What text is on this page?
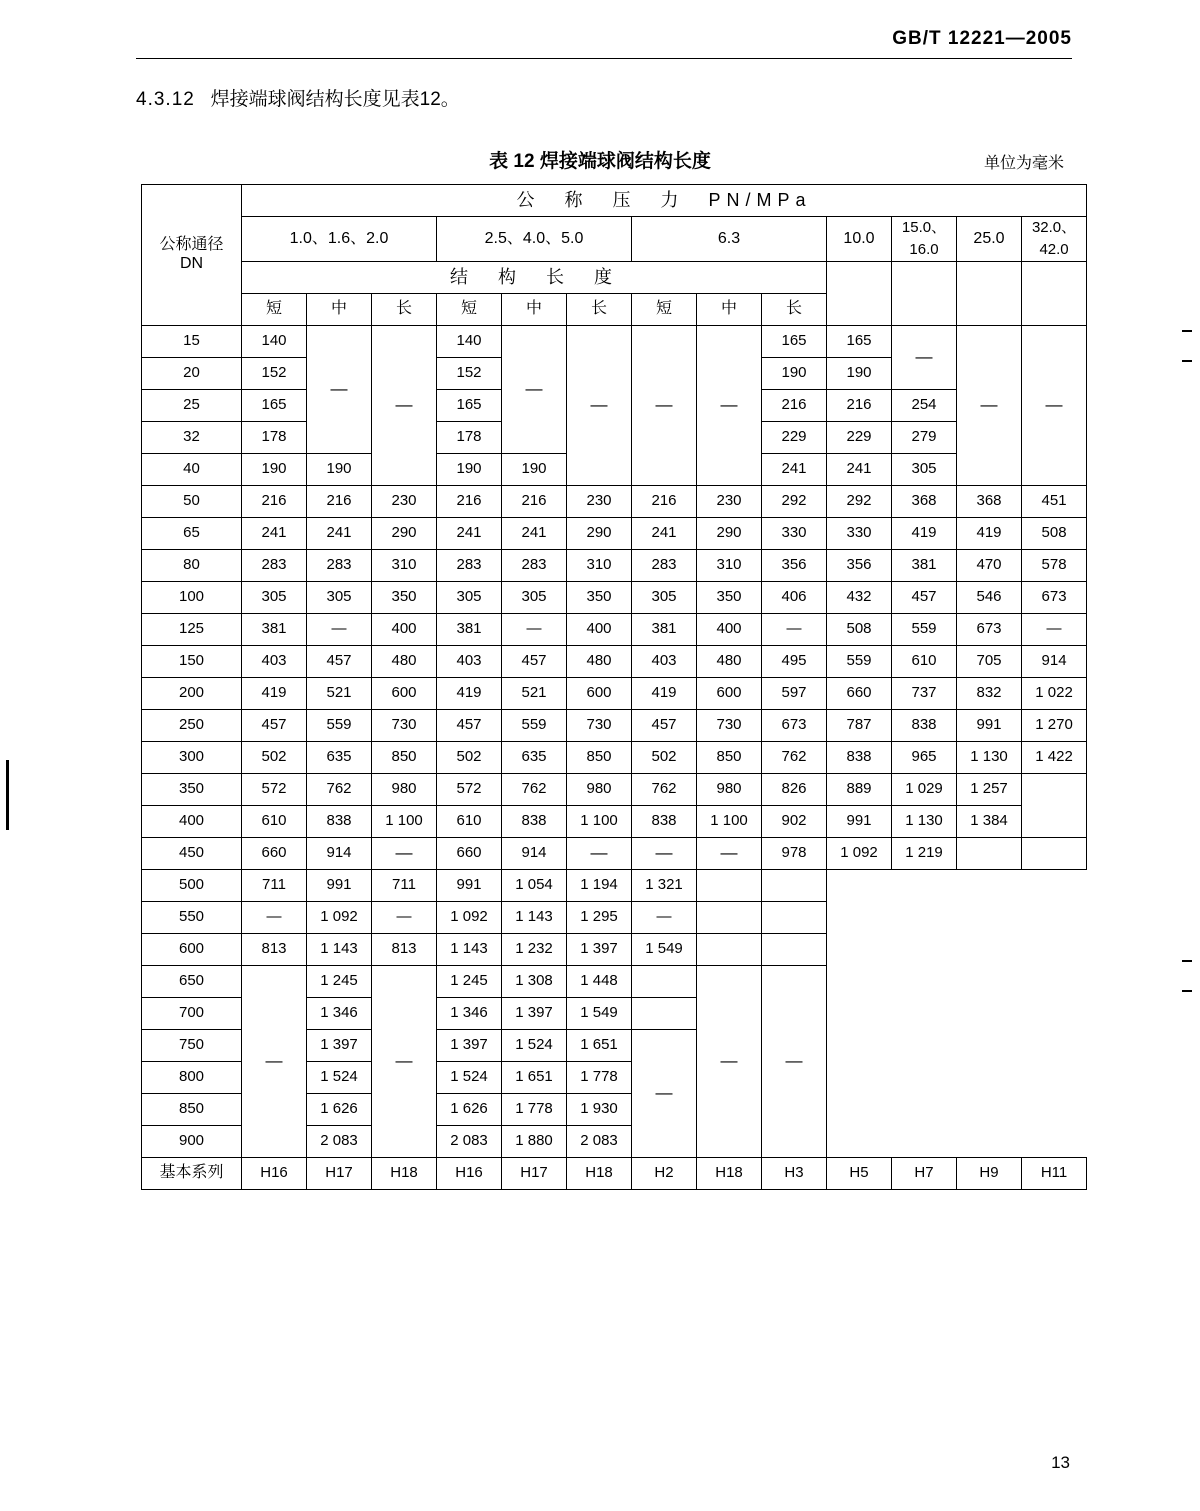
GB/T 12221—2005
4.3.12 焊接端球阀结构长度见表12。
表 12 焊接端球阀结构长度	单位为毫米
公称通径
DN	公　称　压　力　PN/MPa												
1.0、1.6、2.0	2.5、4.0、5.0	6.3	10.0	
15.0、
16.0
	25.0	
32.0、
42.0

	结　构　长　度												
	短	中	长	短	中	长	短	中	长				
15	140	—	—	140	—	—	—	—	165	165	—	—	—
20	152			152					190	190			
25	165			165					216	216	254		
32	178			178					229	229	279		
40	190	190		190	190				241	241	305		
50	216	216	230	216	216	230	216	230	292	292	368	368	451
65	241	241	290	241	241	290	241	290	330	330	419	419	508
80	283	283	310	283	283	310	283	310	356	356	381	470	578
100	305	305	350	305	305	350	305	350	406	432	457	546	673
125	381	—	400	381	—	400	381	400	—	508	559	673	—
150	403	457	480	403	457	480	403	480	495	559	610	705	914
200	419	521	600	419	521	600	419	600	597	660	737	832	1 022
250	457	559	730	457	559	730	457	730	673	787	838	991	1 270
300	502	635	850	502	635	850	502	850	762	838	965	1 130	1 422
350	572	762	980	572	762	980	762	980	826	889	1 029	1 257	
400	610	838	1 100	610	838	1 100	838	1 100	902	991	1 130	1 384	
450	660	914	—	660	914	—	—	—	978	1 092	1 219		
500	711	991	711	991	1 054	1 194	1 321						
550	—	1 092	—	1 092	1 143	1 295	—						
600	813	1 143	813	1 143	1 232	1 397	1 549						
650	—	1 245	—	1 245	1 308	1 448		—	—				
700		1 346		1 346	1 397	1 549							
750		1 397		1 397	1 524	1 651	—						
800		1 524		1 524	1 651	1 778							
850		1 626		1 626	1 778	1 930							
900		2 083		2 083	1 880	2 083							
基本系列	H16	H17	H18	H16	H17	H18	H2	H18	H3	H5	H7	H9	H11
13
